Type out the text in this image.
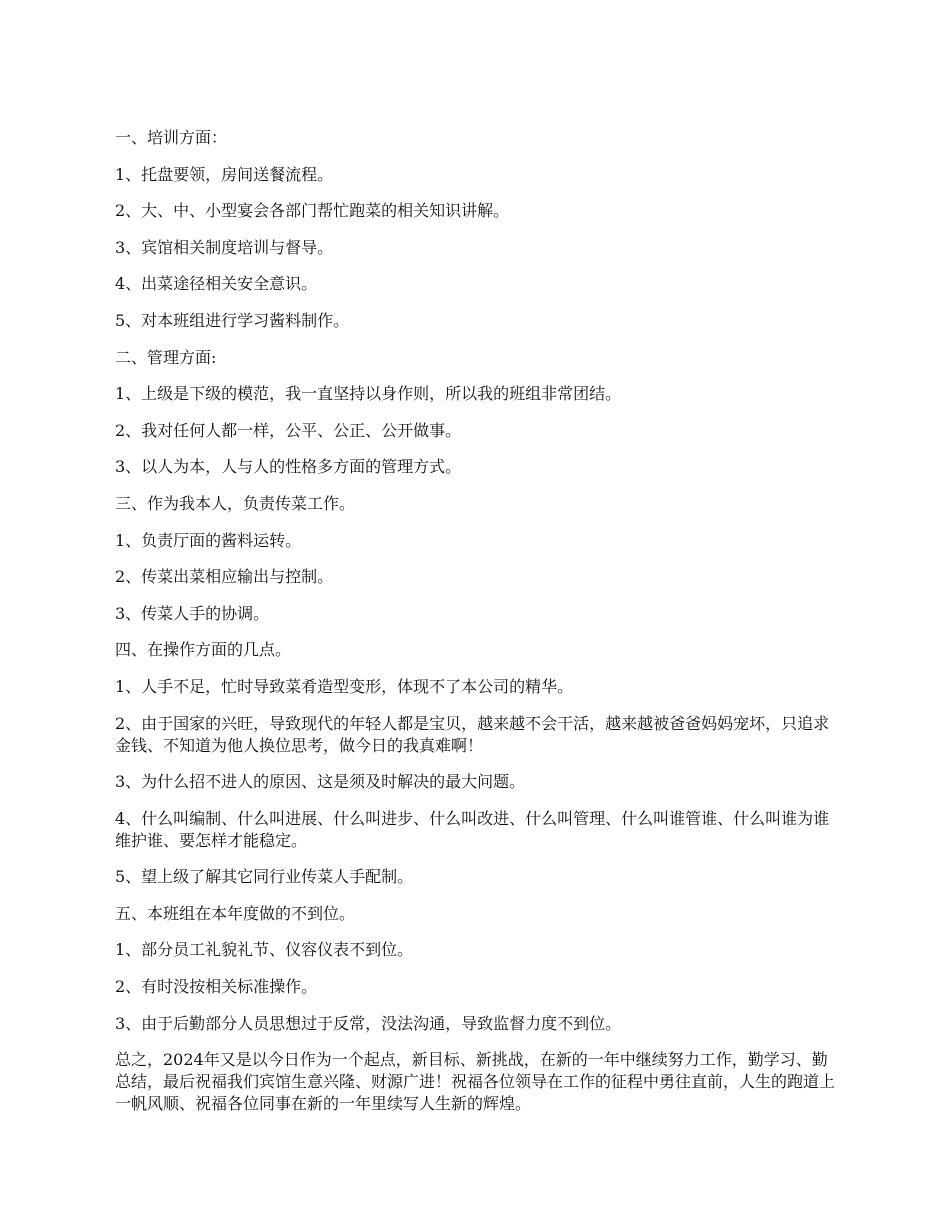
一、培训方面：

1、托盘要领，房间送餐流程。

2、大、中、小型宴会各部门帮忙跑菜的相关知识讲解。

3、宾馆相关制度培训与督导。

4、出菜途径相关安全意识。

5、对本班组进行学习酱料制作。

二、管理方面:

1、上级是下级的模范，我一直坚持以身作则，所以我的班组非常团结。

2、我对任何人都一样，公平、公正、公开做事。

3、以人为本，人与人的性格多方面的管理方式。

三、作为我本人，负责传菜工作。

1、负责厅面的酱料运转。

2、传菜出菜相应输出与控制。

3、传菜人手的协调。

四、在操作方面的几点。

1、人手不足，忙时导致菜肴造型变形，体现不了本公司的精华。

2、由于国家的兴旺，导致现代的年轻人都是宝贝，越来越不会干活，越来越被爸爸妈妈宠坏，只追求金钱、不知道为他人换位思考，做今日的我真难啊！

3、为什么招不进人的原因、这是须及时解决的最大问题。

4、什么叫编制、什么叫进展、什么叫进步、什么叫改进、什么叫管理、什么叫谁管谁、什么叫谁为谁维护谁、要怎样才能稳定。

5、望上级了解其它同行业传菜人手配制。

五、本班组在本年度做的不到位。

1、部分员工礼貌礼节、仪容仪表不到位。

2、有时没按相关标准操作。

3、由于后勤部分人员思想过于反常，没法沟通，导致监督力度不到位。

总之，2024年又是以今日作为一个起点，新目标、新挑战，在新的一年中继续努力工作，勤学习、勤总结，最后祝福我们宾馆生意兴隆、财源广进！祝福各位领导在工作的征程中勇往直前，人生的跑道上一帆风顺、祝福各位同事在新的一年里续写人生新的辉煌。
